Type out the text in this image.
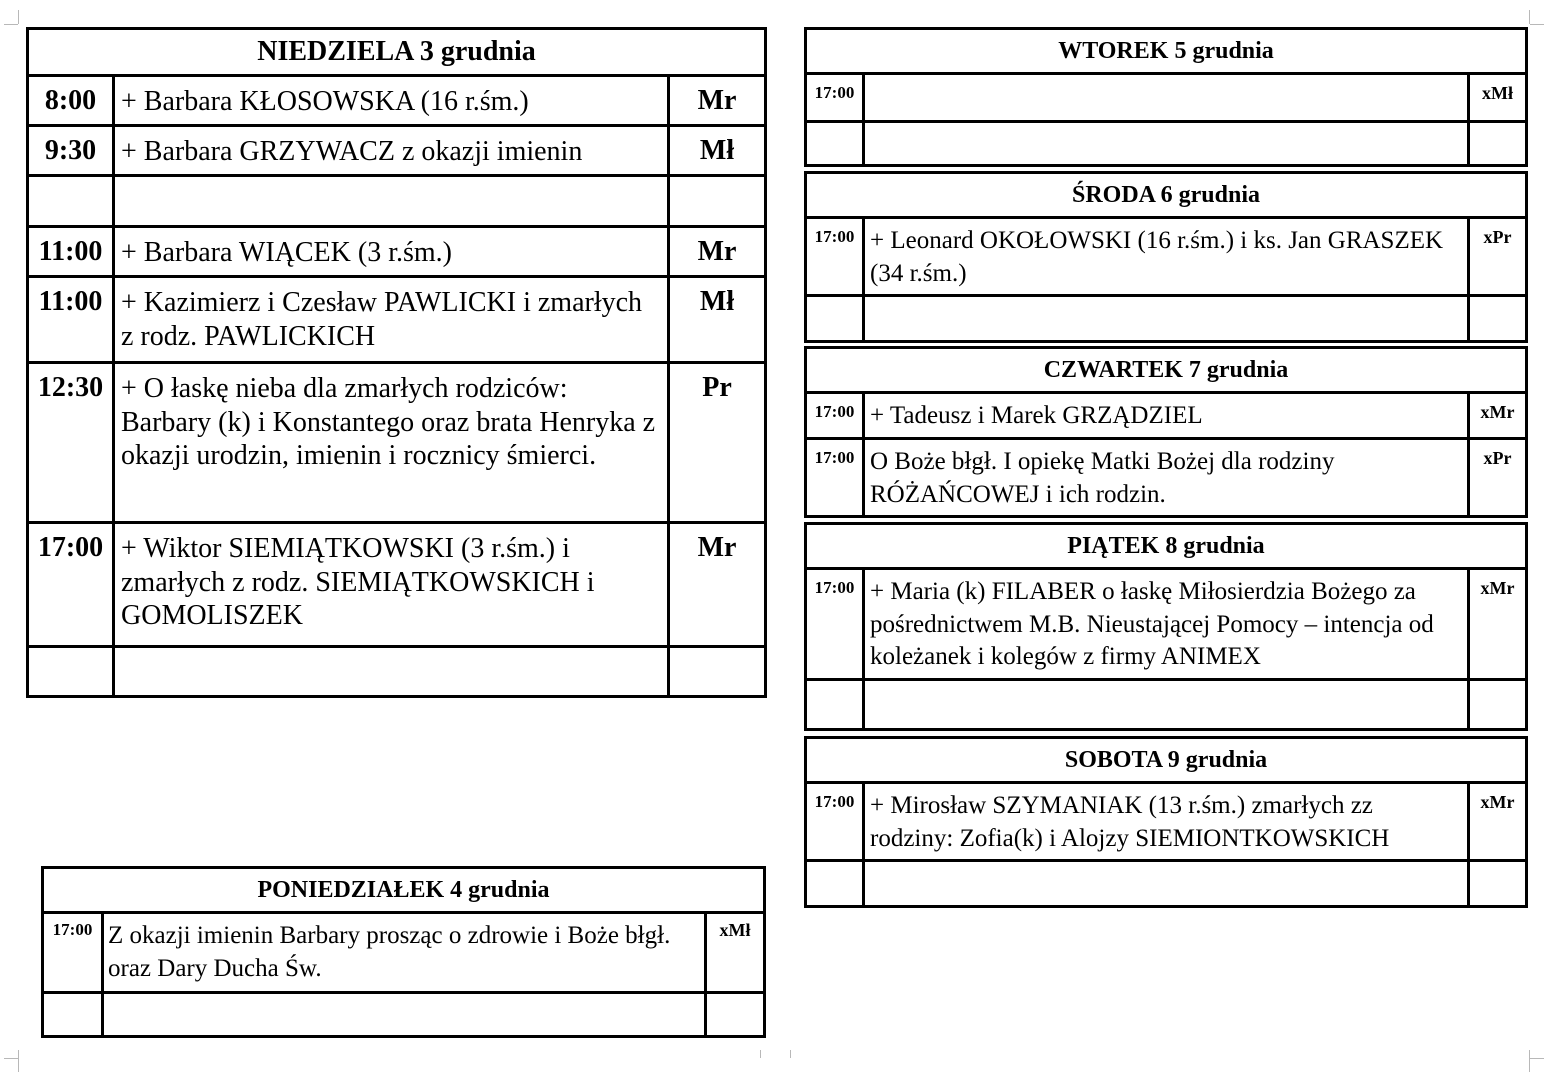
NIEDZIELA 3 grudnia		
8:00	+ Barbara KŁOSOWSKA (16 r.śm.)	Mr
9:30	+ Barbara GRZYWACZ z okazji imienin	Mł

11:00	+ Barbara WIĄCEK (3 r.śm.)	Mr
11:00	+ Kazimierz i Czesław PAWLICKI i zmarłych z rodz. PAWLICKICH	Mł
12:30	+ O łaskę nieba dla zmarłych rodziców: Barbary (k) i Konstantego oraz brata Henryka z okazji urodzin, imienin i rocznicy śmierci.	Pr
17:00	+ Wiktor SIEMIĄTKOWSKI (3 r.śm.) i zmarłych z rodz. SIEMIĄTKOWSKICH i GOMOLISZEK	Mr

PONIEDZIAŁEK 4 grudnia		
17:00	Z okazji imienin Barbary prosząc o zdrowie i Boże błgł. oraz Dary Ducha Św.	xMł

WTOREK 5 grudnia		
17:00		xMł

ŚRODA 6 grudnia		
17:00	+ Leonard OKOŁOWSKI (16 r.śm.) i ks. Jan GRASZEK (34 r.śm.)	xPr

CZWARTEK 7 grudnia		
17:00	+ Tadeusz i Marek GRZĄDZIEL	xMr
17:00	O Boże błgł. I opiekę Matki Bożej dla rodziny RÓŻAŃCOWEJ i ich rodzin.	xPr
PIĄTEK 8 grudnia		
17:00	+ Maria (k) FILABER o łaskę Miłosierdzia Bożego za pośrednictwem M.B. Nieustającej Pomocy – intencja od koleżanek i kolegów z firmy ANIMEX	xMr

SOBOTA 9 grudnia		
17:00	+ Mirosław SZYMANIAK (13 r.śm.) zmarłych zz rodziny: Zofia(k) i Alojzy SIEMIONTKOWSKICH	xMr
